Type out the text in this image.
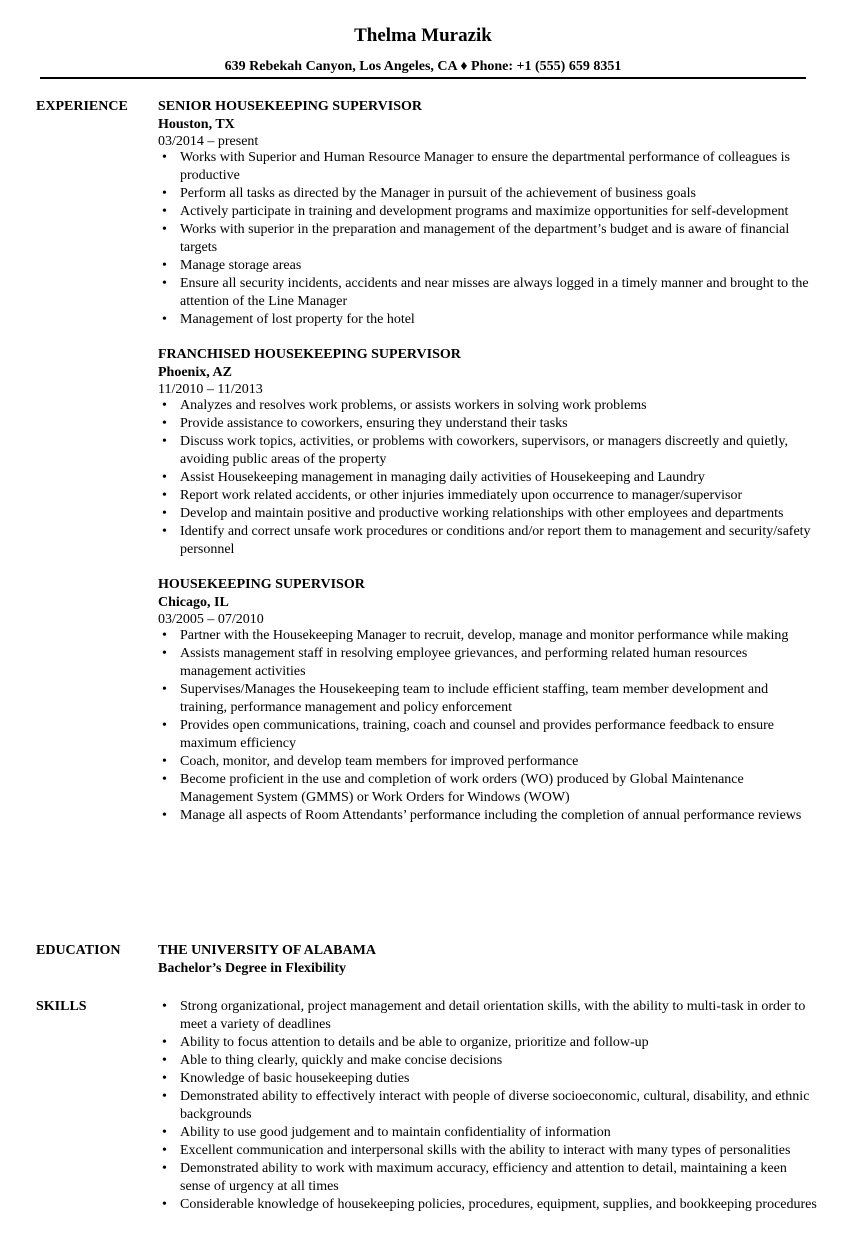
Thelma Murazik
639 Rebekah Canyon, Los Angeles, CA ♦ Phone: +1 (555) 659 8351
EXPERIENCE SENIOR HOUSEKEEPING SUPERVISOR
Houston, TX
03/2014 – present
• Works with Superior and Human Resource Manager to ensure the departmental performance of colleagues is productive
• Perform all tasks as directed by the Manager in pursuit of the achievement of business goals
• Actively participate in training and development programs and maximize opportunities for self-development
• Works with superior in the preparation and management of the department’s budget and is aware of financial targets
• Manage storage areas
• Ensure all security incidents, accidents and near misses are always logged in a timely manner and brought to the attention of the Line Manager
• Management of lost property for the hotel
FRANCHISED HOUSEKEEPING SUPERVISOR
Phoenix, AZ
11/2010 – 11/2013
• Analyzes and resolves work problems, or assists workers in solving work problems
• Provide assistance to coworkers, ensuring they understand their tasks
• Discuss work topics, activities, or problems with coworkers, supervisors, or managers discreetly and quietly, avoiding public areas of the property
• Assist Housekeeping management in managing daily activities of Housekeeping and Laundry
• Report work related accidents, or other injuries immediately upon occurrence to manager/supervisor
• Develop and maintain positive and productive working relationships with other employees and departments
• Identify and correct unsafe work procedures or conditions and/or report them to management and security/safety personnel
HOUSEKEEPING SUPERVISOR
Chicago, IL
03/2005 – 07/2010
• Partner with the Housekeeping Manager to recruit, develop, manage and monitor performance while making
• Assists management staff in resolving employee grievances, and performing related human resources management activities
• Supervises/Manages the Housekeeping team to include efficient staffing, team member development and training, performance management and policy enforcement
• Provides open communications, training, coach and counsel and provides performance feedback to ensure maximum efficiency
• Coach, monitor, and develop team members for improved performance
• Become proficient in the use and completion of work orders (WO) produced by Global Maintenance Management System (GMMS) or Work Orders for Windows (WOW)
• Manage all aspects of Room Attendants’ performance including the completion of annual performance reviews
EDUCATION	THE UNIVERSITY OF ALABAMA
Bachelor’s Degree in Flexibility
SKILLS
•	Strong organizational, project management and detail orientation skills, with the ability to multi-task in order to meet a variety of deadlines
• Ability to focus attention to details and be able to organize, prioritize and follow-up
• Able to thing clearly, quickly and make concise decisions
• Knowledge of basic housekeeping duties
• Demonstrated ability to effectively interact with people of diverse socioeconomic, cultural, disability, and ethnic backgrounds
• Ability to use good judgement and to maintain confidentiality of information
• Excellent communication and interpersonal skills with the ability to interact with many types of personalities
• Demonstrated ability to work with maximum accuracy, efficiency and attention to detail, maintaining a keen sense of urgency at all times
• Considerable knowledge of housekeeping policies, procedures, equipment, supplies, and bookkeeping procedures
